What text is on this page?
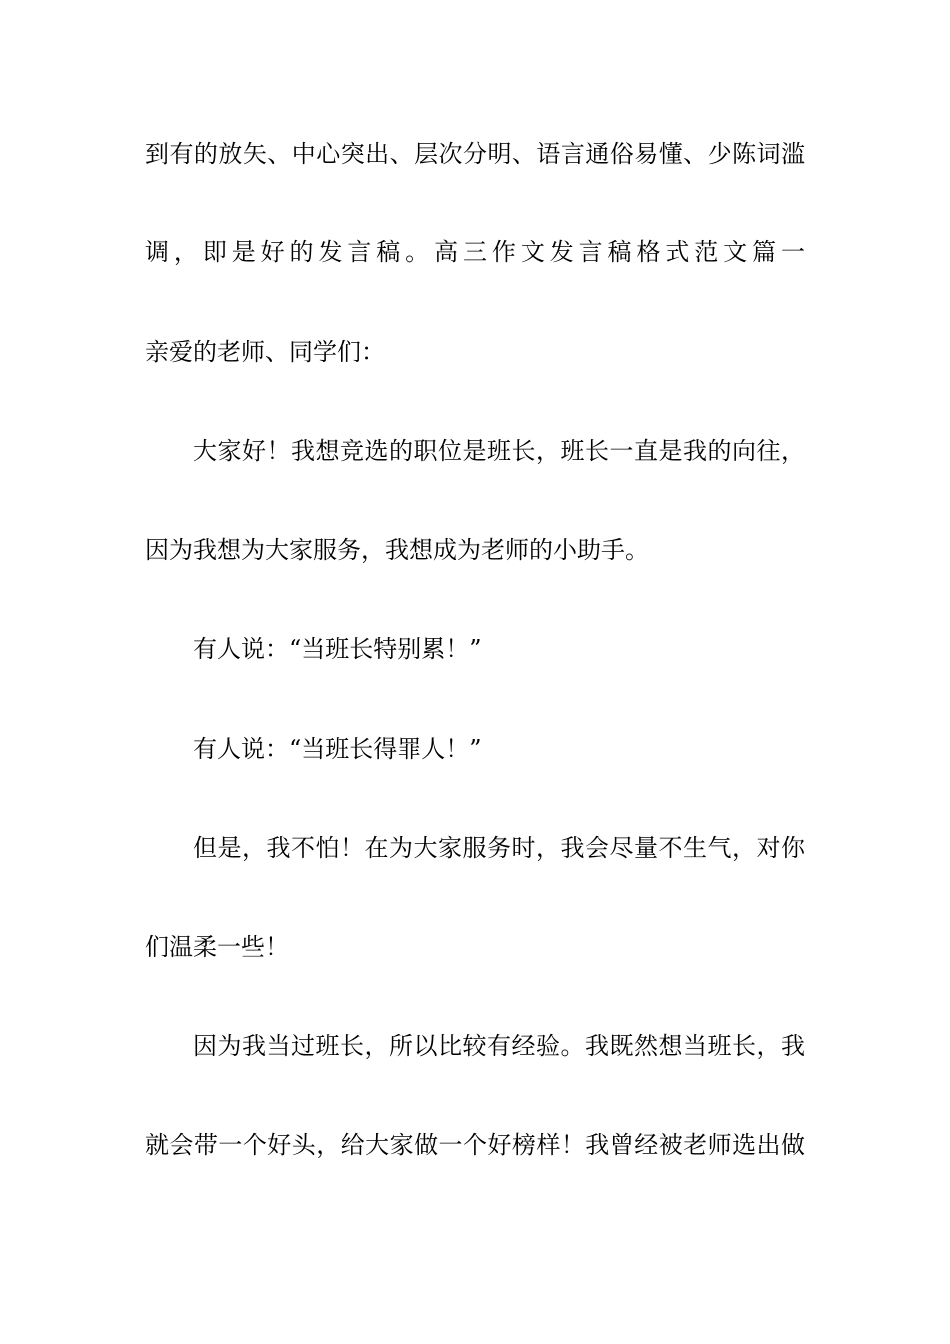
到有的放矢、中心突出、层次分明、语言通俗易懂、少陈词滥
调，即是好的发言稿。高三作文发言稿格式范文篇一
亲爱的老师、同学们：
大家好！我想竞选的职位是班长，班长一直是我的向往，
因为我想为大家服务，我想成为老师的小助手。
有人说：“当班长特别累！”
有人说：“当班长得罪人！”
但是，我不怕！在为大家服务时，我会尽量不生气，对你
们温柔一些！
因为我当过班长，所以比较有经验。我既然想当班长，我
就会带一个好头，给大家做一个好榜样！我曾经被老师选出做
